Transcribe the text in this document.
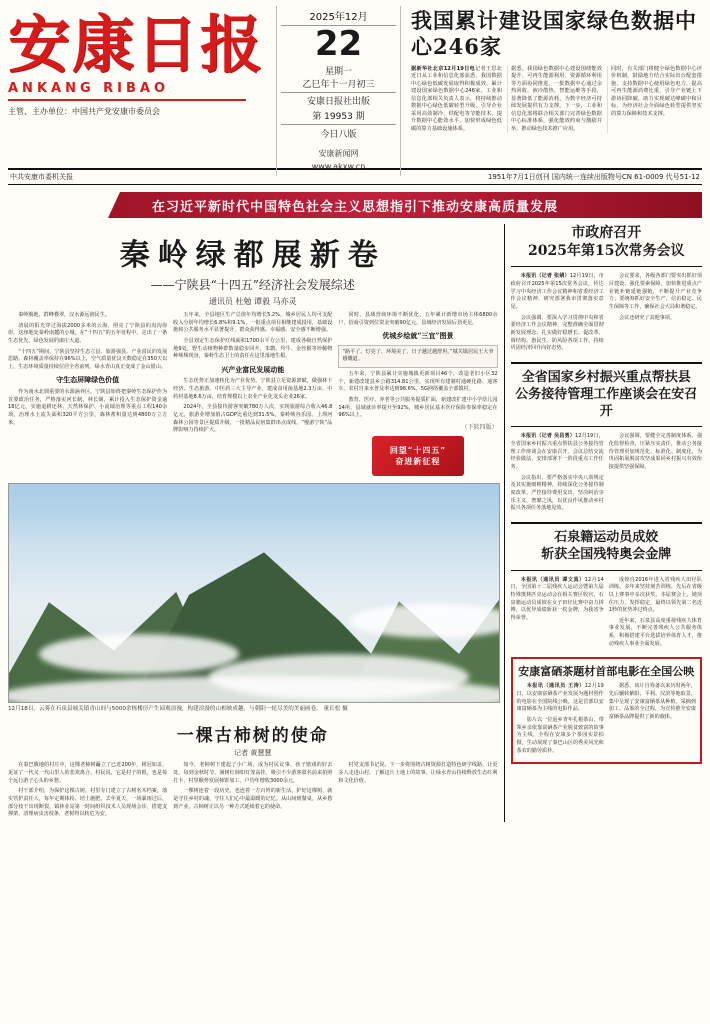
安康日报
ANKANG RIBAO
主管、主办单位：中国共产党安康市委员会
2025年12月
22
星期一
乙巳年十一月初三
安康日报社出版
第 19953 期
今日八版
安康新闻网
www.akxw.cn
我国累计建设国家绿色数据中心246家
据新华社北京12月19日电记者王思北近日从工业和信息化部获悉，我国数据中心绿色低碳发展取得积极成效，累计建设国家绿色数据中心246家。工业和信息化部相关负责人表示，将持续推动数据中心绿色低碳转型升级，引导企业采用高效制冷、供配电等节能技术，提升数据中心能效水平，加快形成绿色低碳的算力基础设施体系。
据悉，我国绿色数据中心建设围绕能效提升、可再生能源利用、资源循环利用等方面协同推进。一批数据中心通过余热回收、液冷散热、智能运维等手段，显著降低了能源消耗，为数字经济可持续发展提供有力支撑。下一步，工业和信息化部将联合相关部门完善绿色数据中心标准体系，强化能效约束与激励并举，推动绿色技术推广应用。
同时，有关部门将健全绿色数据中心评价机制，鼓励地方结合实际出台配套措施，支持数据中心使用绿色电力，提高可再生能源消费比重，引导产业链上下游协同降碳，助力实现碳达峰碳中和目标，为经济社会全面绿色转型提供坚实的算力保障和技术支撑。
中共安康市委机关报	1951年7月1日创刊 国内统一连续出版物号CN 61-0009 代号51-12
在习近平新时代中国特色社会主义思想指引下推动安康高质量发展
秦岭绿都展新卷
——宁陕县“十四五”经济社会发展综述
通讯员 杜勉 谭毅 马亦灵

秦岭腹地，群峰叠翠，汉水源远润民生。

清晨的阳光穿过海拔2000多米的云海，照亮了宁陕县的沟沟峁峁。这座地处秦岭南麓的小城，在“十四五”的五年征程中，走出了一条生态优先、绿色发展的康庄大道。

“十四五”期间，宁陕县坚持生态立县、旅游强县、产业富民的发展思路，森林覆盖率保持在96%以上，空气质量优良天数稳定在350天以上，生态环境质量持续位居全省前列，绿水青山真正变成了金山银山。

守生态屏障绿色价值

作为南水北调重要的水源涵养区，宁陕县始终把秦岭生态保护作为首要政治任务，严格落实河长制、林长制，累计投入生态保护资金逾18亿元，实施退耕还林、天然林保护、小流域治理等重点工程140余项，治理水土流失面积320平方公里，森林蓄积量达到4800万立方米。

五年来，全县地区生产总值年均增长5.2%，城乡居民人均可支配收入分别年均增长6.8%和9.1%，一批重点项目相继建成投用，基础设施和公共服务水平显著提升，群众获得感、幸福感、安全感不断增强。

全县划定生态保护红线面积1700余平方公里，建成各级自然保护地9处，野生动植物种群数量稳步回升，朱鹮、羚牛、金丝猴等珍稀物种频频现身，秦岭生态卫士的责任在这里落地生根。

兴产业富民发展动能

生态优势正加速转化为产业优势。宁陕县立足资源禀赋，做强林下经济、生态旅游、中医药三大主导产业，建成食用菌基地2.3万亩、中药材基地8.6万亩，培育规模以上农业产业化龙头企业26家。

2024年，全县接待游客突破780万人次，实现旅游综合收入46.8亿元，旅游业增加值占GDP比重达到31.5%。秦岭峡谷乐园、上坝河森林公园等景区提质升级，一批精品民宿集群串点成线，“慢游宁陕”品牌影响力持续扩大。

同时，县域营商环境不断优化，五年累计新增市场主体6800余户，招商引资到位资金突破90亿元，县域经济发展后劲更足。

优城乡绘就“三宜”图景
“路平了、灯亮了、环境美了，日子越过越舒坦。”城关镇居民王大爷感慨道。

五年来，宁陕县累计实施城镇更新项目46个，改造老旧小区32个，新建改建县乡公路314.81公里，实现所有建制村通硬化路、通客车。农村自来水普及率达到98.6%，5G网络覆盖全部镇村。

教育、医疗、养老等公共服务提质扩面，新建改扩建中小学幼儿园14所，县域就诊率提升至92%，城乡居民基本医疗保险参保率稳定在96%以上。

（下转四版）
回望“十四五”
奋进新征程
12月18日，云雾在石泉县城关镇青山间与5000余栋楼房产生园观浪漫，构建浪漫的山相映成趣，与朝阳一轮尽美的美丽画卷。 董长松 摄
一棵古柿树的使命
记者 黄慧慧

在秦巴腹地的村庄中，这棵老柿树矗立了已近200年，树冠如盖，见证了一代又一代山里人的悲欢离合。村民说，它是村子的根，也是每个远行游子心头的乡愁。

村干部介绍，为保护这棵古树，村里专门建立了古树名木档案，落实管护责任人，每年定期体检、培土施肥。去年夏天，一场暴雨过后，部分枝干出现断裂，镇林业站第一时间组织技术人员现场会诊，搭建支撑架，清理病虫害枝条，老树得以转危为安。

如今，老柿树下建起了小广场，成为村民议事、孩子嬉戏的好去处。每到金秋时节，满树红柿如灯笼高挂，吸引不少游客慕名前来拍照打卡，村里顺势发展柿饼加工，户均年增收3000余元。

一棵树连着一段历史，也连着一方百姓的新生活。护好这棵树，就是守住乡村的魂，守住人们心中最温暖的记忆。从山间到餐桌，从乡愁到产业，古柿树正以另一种方式延续着它的使命。

村党支部书记说，下一步将围绕古树资源打造特色研学线路，让更多人走进山村，了解这片土地上的故事，让绿水青山持续释放生态红利和文化价值。

市政府召开
2025年第15次常务会议

本报讯（记者 张婧）12月19日，市政府召开2025年第15次常务会议，传达学习中央经济工作会议精神和省委经济工作会议精神，研究部署我市贯彻落实意见。

会议强调，要深入学习贯彻中央和省委经济工作会议精神，完整准确全面贯彻新发展理念，扎实做好稳增长、促改革、调结构、惠民生、防风险各项工作，持续巩固经济回升向好态势。

会议要求，各级各部门要突出抓好项目建设，强化要素保障，加快推进重点产业链补链延链强链，不断提升产业竞争力；要统筹抓好安全生产、信访稳定、民生保障等工作，确保社会大局和谐稳定。

会议还研究了其他事项。

全省国家乡村振兴重点帮扶县
公务接待管理工作座谈会在安召开

本报讯（记者 吴昌勇）12月19日，全省国家乡村振兴重点帮扶县公务接待管理工作座谈会在安康召开。会议总结交流经验做法，安排部署下一阶段重点工作任务。

会议指出，要严格落实中央八项规定及其实施细则精神，持续深化公务接待制度改革，严控接待费用支出，坚决纠治享乐主义、奢靡之风，以优良作风推动乡村振兴各项任务落地见效。

会议强调，要健全完善制度体系，强化监督检查，压紧压实责任，推动公务接待管理更加规范化、标准化、制度化，为巩固拓展脱贫攻坚成果同乡村振兴有效衔接提供坚强保障。

石泉籍运动员成姣
斩获全国残特奥会金牌

本报讯（通讯员 谭文真）12月14日，全国第十二届残疾人运动会暨第九届特殊奥林匹克运动会在相关赛区收官，石泉籍运动员成姣在女子田径比赛中奋力拼搏，以优异成绩斩获一枚金牌，为我省争得荣誉。

成姣自2016年进入省残疾人田径队训练，多年来坚持刻苦训练，先后在省级以上赛事中多次获奖。本届赛会上，她顶住压力，发挥稳定，最终以领先第二名近1秒的优势冲过终点。

近年来，石泉县高度重视残疾人体育事业发展，不断完善残疾人公共服务体系，积极搭建平台选拔培养体育人才，推动残疾人事业全面发展。

安康富硒茶题材首部电影在全国公映

本报讯（通讯员 王涛）12月19日，以安康富硒茶产业发展为题材创作的电影在全国院线公映，这是首部以安康富硒茶为主线的电影作品。

影片以一位返乡青年扎根茶山、带领乡亲依靠富硒茶产业脱贫致富的故事为主线，全程在安康多个茶园实景拍摄，生动展现了秦巴山区的秀美风光和茶农的勤劳质朴。

据悉，该片自筹备以来历时两年，先后辗转紫阳、平利、汉滨等地取景，集中呈现了安康富硒茶从种植、采摘到加工、品鉴的全过程，为宣传推介安康富硒茶品牌提供了新的载体。
